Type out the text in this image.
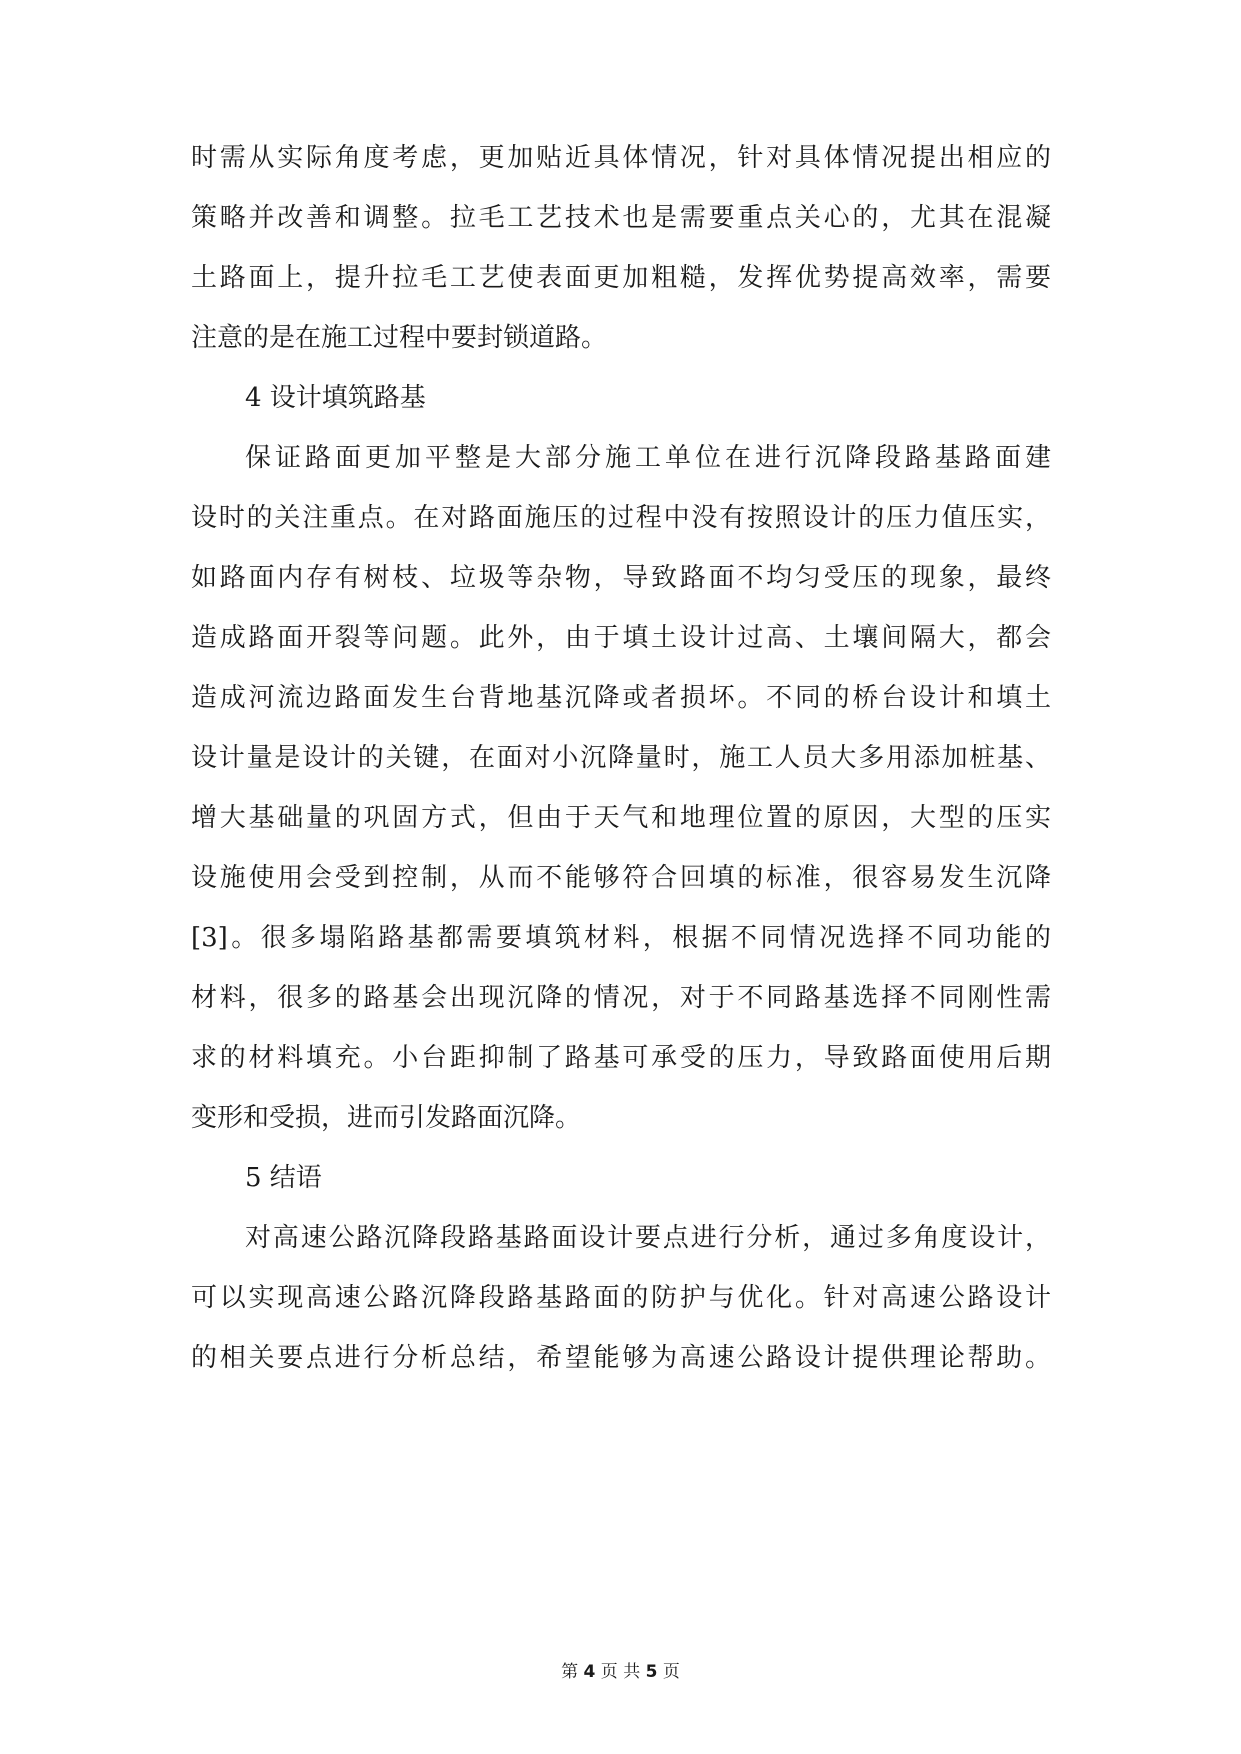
时需从实际角度考虑，更加贴近具体情况，针对具体情况提出相应的
策略并改善和调整。拉毛工艺技术也是需要重点关心的，尤其在混凝
土路面上，提升拉毛工艺使表面更加粗糙，发挥优势提高效率，需要
注意的是在施工过程中要封锁道路。
4 设计填筑路基
保证路面更加平整是大部分施工单位在进行沉降段路基路面建
设时的关注重点。在对路面施压的过程中没有按照设计的压力值压实，
如路面内存有树枝、垃圾等杂物，导致路面不均匀受压的现象，最终
造成路面开裂等问题。此外，由于填土设计过高、土壤间隔大，都会
造成河流边路面发生台背地基沉降或者损坏。不同的桥台设计和填土
设计量是设计的关键，在面对小沉降量时，施工人员大多用添加桩基、
增大基础量的巩固方式，但由于天气和地理位置的原因，大型的压实
设施使用会受到控制，从而不能够符合回填的标准，很容易发生沉降
[3]。很多塌陷路基都需要填筑材料，根据不同情况选择不同功能的
材料，很多的路基会出现沉降的情况，对于不同路基选择不同刚性需
求的材料填充。小台距抑制了路基可承受的压力，导致路面使用后期
变形和受损，进而引发路面沉降。
5 结语
对高速公路沉降段路基路面设计要点进行分析，通过多角度设计，
可以实现高速公路沉降段路基路面的防护与优化。针对高速公路设计
的相关要点进行分析总结，希望能够为高速公路设计提供理论帮助。
第 4 页 共 5 页
